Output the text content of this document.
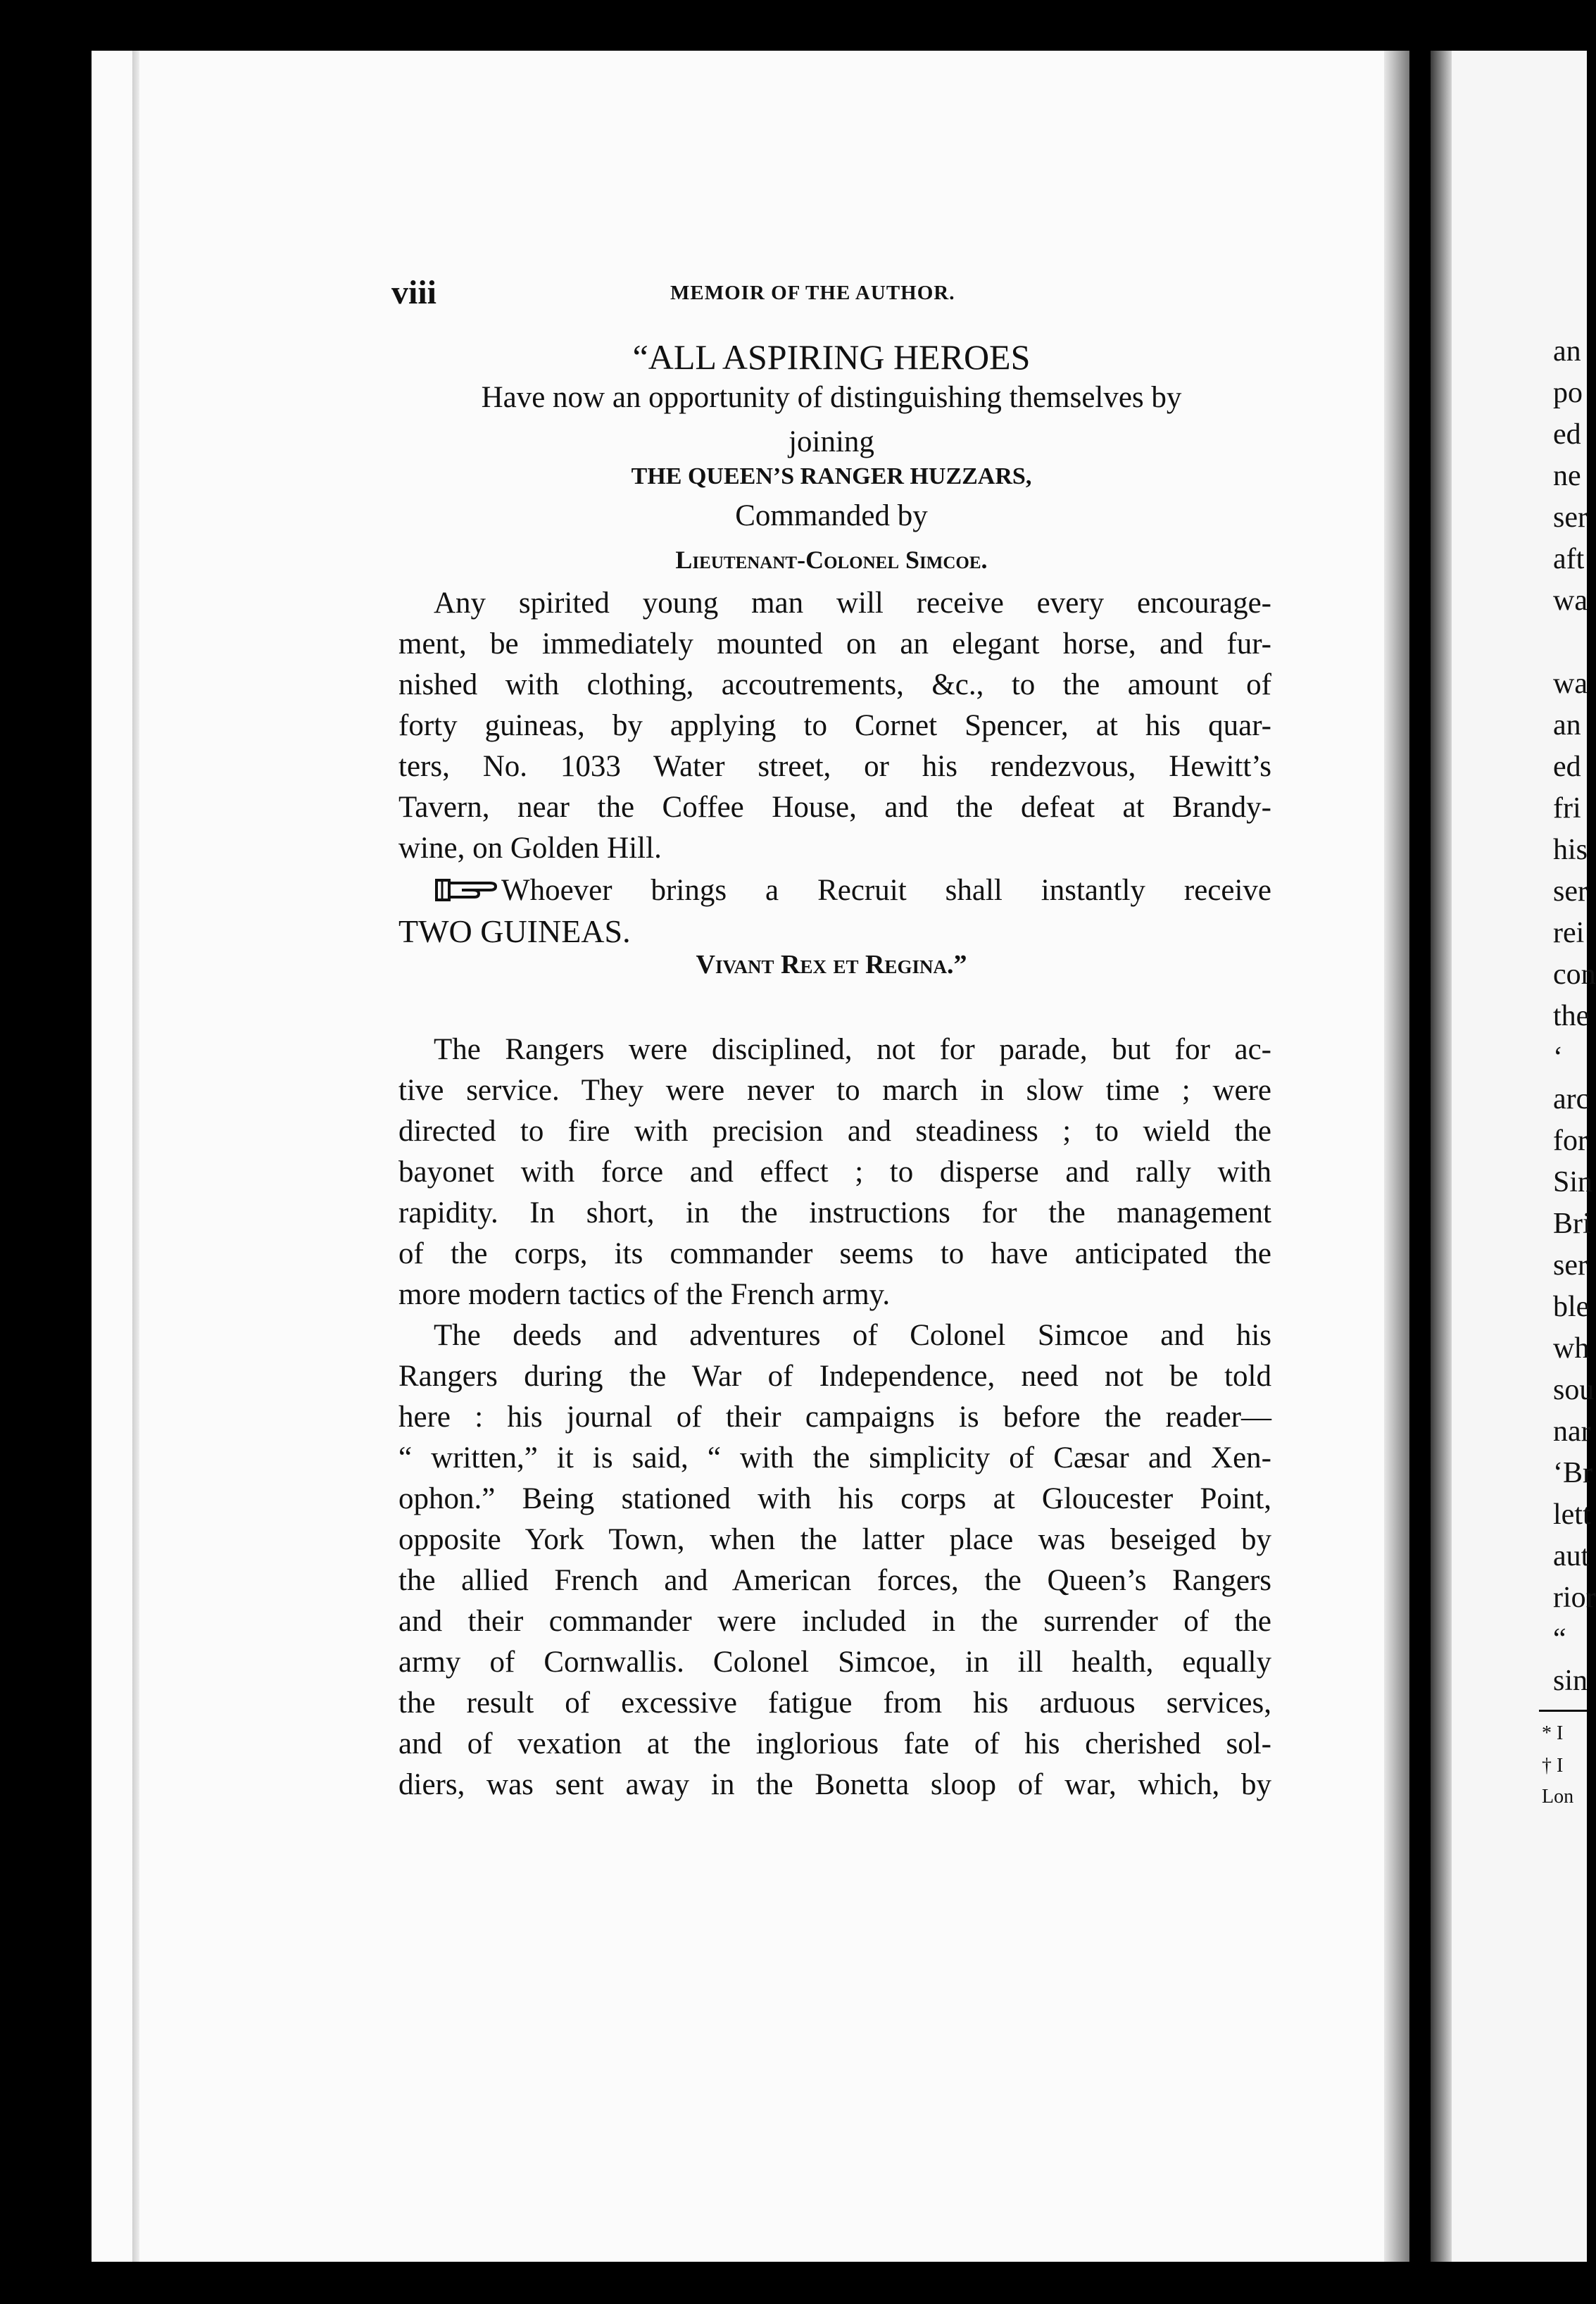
viii	MEMOIR OF THE AUTHOR.
“ALL ASPIRING HEROES
Have now an opportunity of distinguishing themselves by
joining
THE QUEEN’S RANGER HUZZARS,
Commanded by
Lieutenant-Colonel Simcoe.
Any spirited young man will receive every encourage-
ment, be immediately mounted on an elegant horse, and fur-
nished with clothing, accoutrements, &c., to the amount of
forty guineas, by applying to Cornet Spencer, at his quar-
ters, No. 1033 Water street, or his rendezvous, Hewitt’s
Tavern, near the Coffee House, and the defeat at Brandy-
wine, on Golden Hill.
Whoever brings a Recruit shall instantly receive
TWO GUINEAS.
Vivant Rex et Regina.”
The Rangers were disciplined, not for parade, but for ac-
tive service. They were never to march in slow time ; were
directed to fire with precision and steadiness ; to wield the
bayonet with force and effect ; to disperse and rally with
rapidity. In short, in the instructions for the management
of the corps, its commander seems to have anticipated the
more modern tactics of the French army.
The deeds and adventures of Colonel Simcoe and his
Rangers during the War of Independence, need not be told
here : his journal of their campaigns is before the reader—
“ written,” it is said, “ with the simplicity of Cæsar and Xen-
ophon.” Being stationed with his corps at Gloucester Point,
opposite York Town, when the latter place was beseiged by
the allied French and American forces, the Queen’s Rangers
and their commander were included in the surrender of the
army of Cornwallis. Colonel Simcoe, in ill health, equally
the result of excessive fatigue from his arduous services,
and of vexation at the inglorious fate of his cherished sol-
diers, was sent away in the Bonetta sloop of war, which, by
an
po
ed
ne
ser
aft
wa
wa
an
ed
fri
his
ser
rei
con
the
‘
arc
for
Sin
Bri
ser
ble
wh
sou
nar
‘Br
lett
aut
rior
“
sin
* I
† I
Lon
